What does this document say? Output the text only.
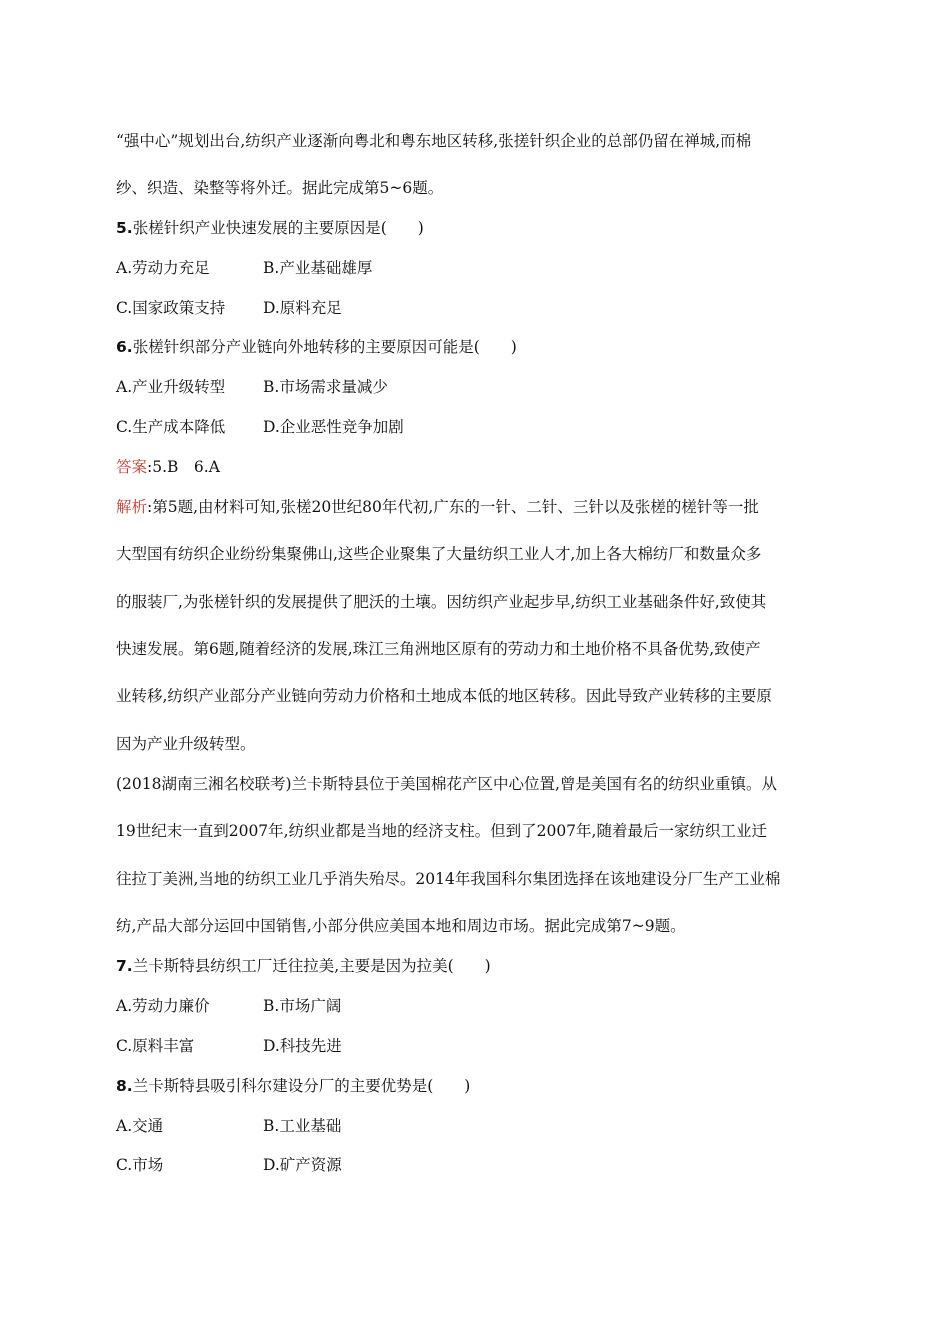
“强中心”规划出台,纺织产业逐渐向粤北和粤东地区转移,张搓针织企业的总部仍留在禅城,而棉
纱、织造、染整等将外迁。据此完成第5~6题。
5.张槎针织产业快速发展的主要原因是(　　)
A.劳动力充足	B.产业基础雄厚
C.国家政策支持 D.原料充足
6.张槎针织部分产业链向外地转移的主要原因可能是(　　)
A.产业升级转型 B.市场需求量减少
C.生产成本降低 D.企业恶性竞争加剧
答案:5.B　6.A
解析:第5题,由材料可知,张槎20世纪80年代初,广东的一针、二针、三针以及张槎的槎针等一批
大型国有纺织企业纷纷集聚佛山,这些企业聚集了大量纺织工业人才,加上各大棉纺厂和数量众多
的服装厂,为张槎针织的发展提供了肥沃的土壤。因纺织产业起步早,纺织工业基础条件好,致使其
快速发展。第6题,随着经济的发展,珠江三角洲地区原有的劳动力和土地价格不具备优势,致使产
业转移,纺织产业部分产业链向劳动力价格和土地成本低的地区转移。因此导致产业转移的主要原
因为产业升级转型。
(2018湖南三湘名校联考)兰卡斯特县位于美国棉花产区中心位置,曾是美国有名的纺织业重镇。从
19世纪末一直到2007年,纺织业都是当地的经济支柱。但到了2007年,随着最后一家纺织工业迁
往拉丁美洲,当地的纺织工业几乎消失殆尽。2014年我国科尔集团选择在该地建设分厂生产工业棉
纺,产品大部分运回中国销售,小部分供应美国本地和周边市场。据此完成第7~9题。
7.兰卡斯特县纺织工厂迁往拉美,主要是因为拉美(　　)
A.劳动力廉价	B.市场广阔
C.原料丰富	D.科技先进
8.兰卡斯特县吸引科尔建设分厂的主要优势是(　　)
A.交通	B.工业基础
C.市场	D.矿产资源
